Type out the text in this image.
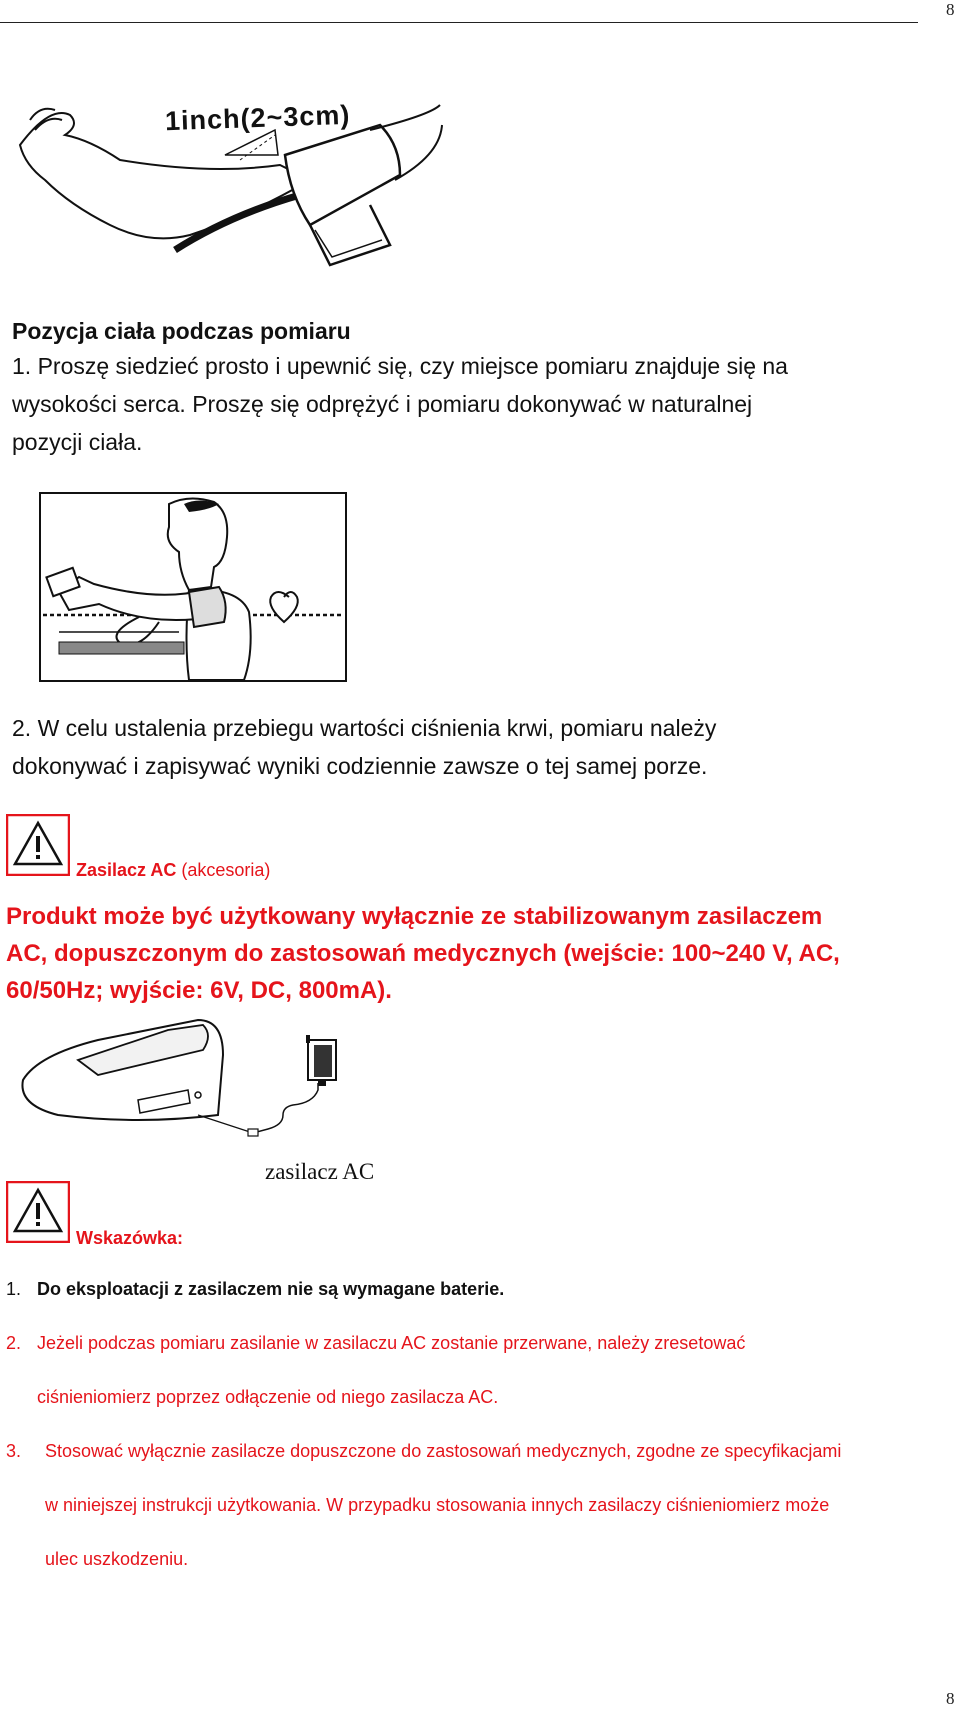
8
1inch(2~3cm)
Pozycja ciała podczas pomiaru
1. Proszę siedzieć prosto i upewnić się, czy miejsce pomiaru znajduje się na
wysokości serca. Proszę się odprężyć i pomiaru dokonywać w naturalnej
pozycji ciała.
2. W celu ustalenia przebiegu wartości ciśnienia krwi, pomiaru należy
dokonywać i zapisywać wyniki codziennie zawsze o tej samej porze.
Zasilacz AC (akcesoria)
Produkt może być użytkowany wyłącznie ze stabilizowanym zasilaczem
AC, dopuszczonym do zastosowań medycznych (wejście: 100~240 V, AC,
60/50Hz; wyjście: 6V, DC, 800mA).
zasilacz AC
Wskazówka:
1. Do eksploatacji z zasilaczem nie są wymagane baterie.
2. Jeżeli podczas pomiaru zasilanie w zasilaczu AC zostanie przerwane, należy zresetować
ciśnieniomierz poprzez odłączenie od niego zasilacza AC.
3. Stosować wyłącznie zasilacze dopuszczone do zastosowań medycznych, zgodne ze specyfikacjami
w niniejszej instrukcji użytkowania. W przypadku stosowania innych zasilaczy ciśnieniomierz może
ulec uszkodzeniu.
8
